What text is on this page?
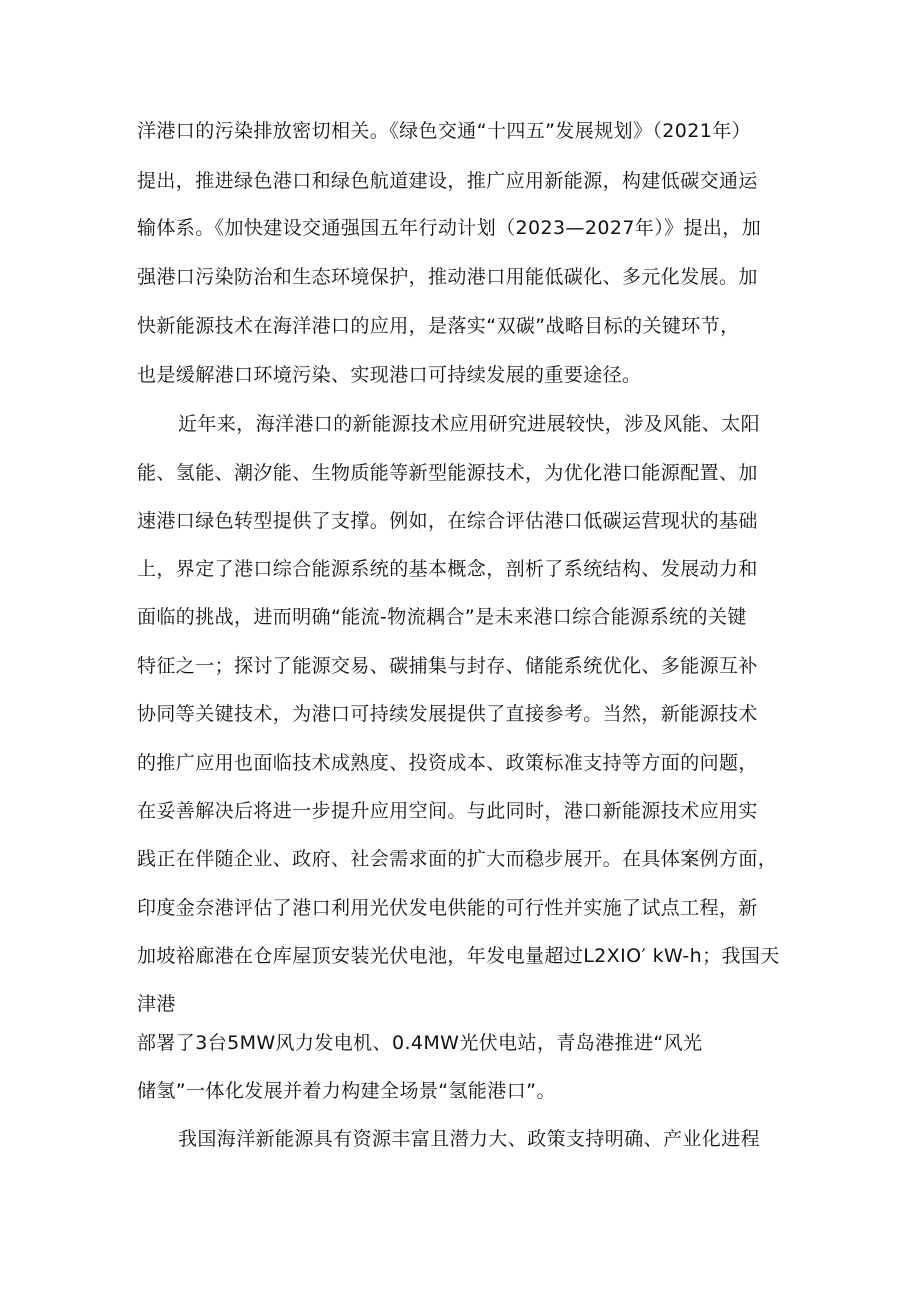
洋港口的污染排放密切相关。《绿色交通“十四五”发展规划》（2021年）

提出，推进绿色港口和绿色航道建设，推广应用新能源，构建低碳交通运

输体系。《加快建设交通强国五年行动计划（2023—2027年）》提出，加

强港口污染防治和生态环境保护，推动港口用能低碳化、多元化发展。加

快新能源技术在海洋港口的应用，是落实“双碳”战略目标的关键环节，

也是缓解港口环境污染、实现港口可持续发展的重要途径。

近年来，海洋港口的新能源技术应用研究进展较快，涉及风能、太阳

能、氢能、潮汐能、生物质能等新型能源技术，为优化港口能源配置、加

速港口绿色转型提供了支撑。例如，在综合评估港口低碳运营现状的基础

上，界定了港口综合能源系统的基本概念，剖析了系统结构、发展动力和

面临的挑战，进而明确“能流-物流耦合”是未来港口综合能源系统的关键

特征之一；探讨了能源交易、碳捕集与封存、储能系统优化、多能源互补

协同等关键技术，为港口可持续发展提供了直接参考。当然，新能源技术

的推广应用也面临技术成熟度、投资成本、政策标准支持等方面的问题，

在妥善解决后将进一步提升应用空间。与此同时，港口新能源技术应用实

践正在伴随企业、政府、社会需求面的扩大而稳步展开。在具体案例方面，

印度金奈港评估了港口利用光伏发电供能的可行性并实施了试点工程，新

加坡裕廊港在仓库屋顶安装光伏电池，年发电量超过L2XIO′ kW-h；我国天

津港

部署了3台5MW风力发电机、0.4MW光伏电站，青岛港推进“风光

储氢”一体化发展并着力构建全场景“氢能港口”。

我国海洋新能源具有资源丰富且潜力大、政策支持明确、产业化进程
